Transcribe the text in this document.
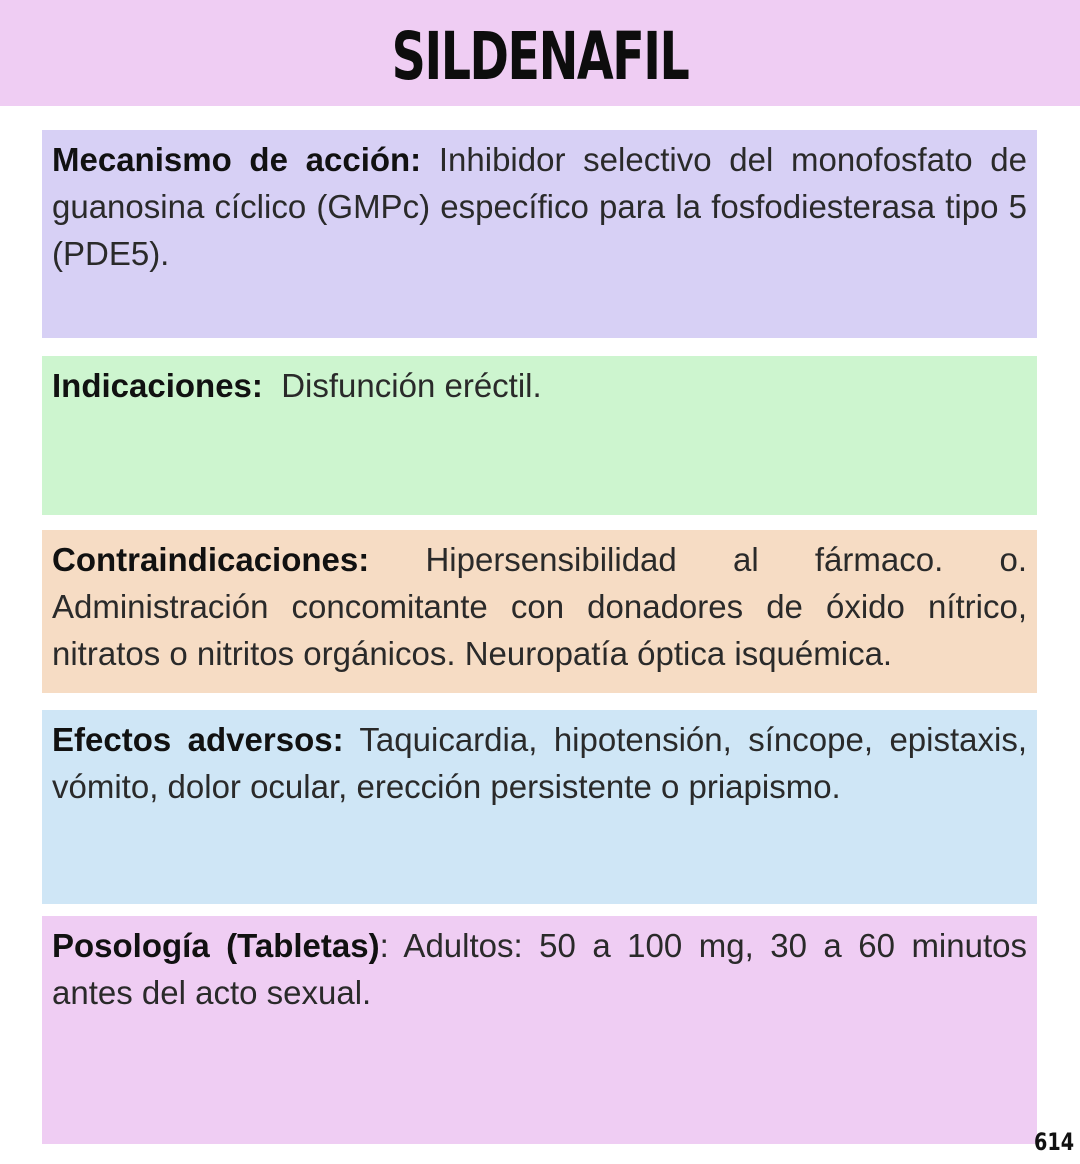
SILDENAFIL
Mecanismo de acción: Inhibidor selectivo del monofosfato de guanosina cíclico (GMPc) específico para la fosfodiesterasa tipo 5 (PDE5).
Indicaciones:  Disfunción eréctil.
Contraindicaciones: Hipersensibilidad al fármaco. o. Administración concomitante con donadores de óxido nítrico, nitratos o nitritos orgánicos. Neuropatía óptica isquémica.
Efectos adversos: Taquicardia, hipotensión, síncope, epistaxis, vómito, dolor ocular, erección persistente o priapismo.
Posología (Tabletas): Adultos: 50 a 100 mg, 30 a 60 minutos antes del acto sexual.
614
